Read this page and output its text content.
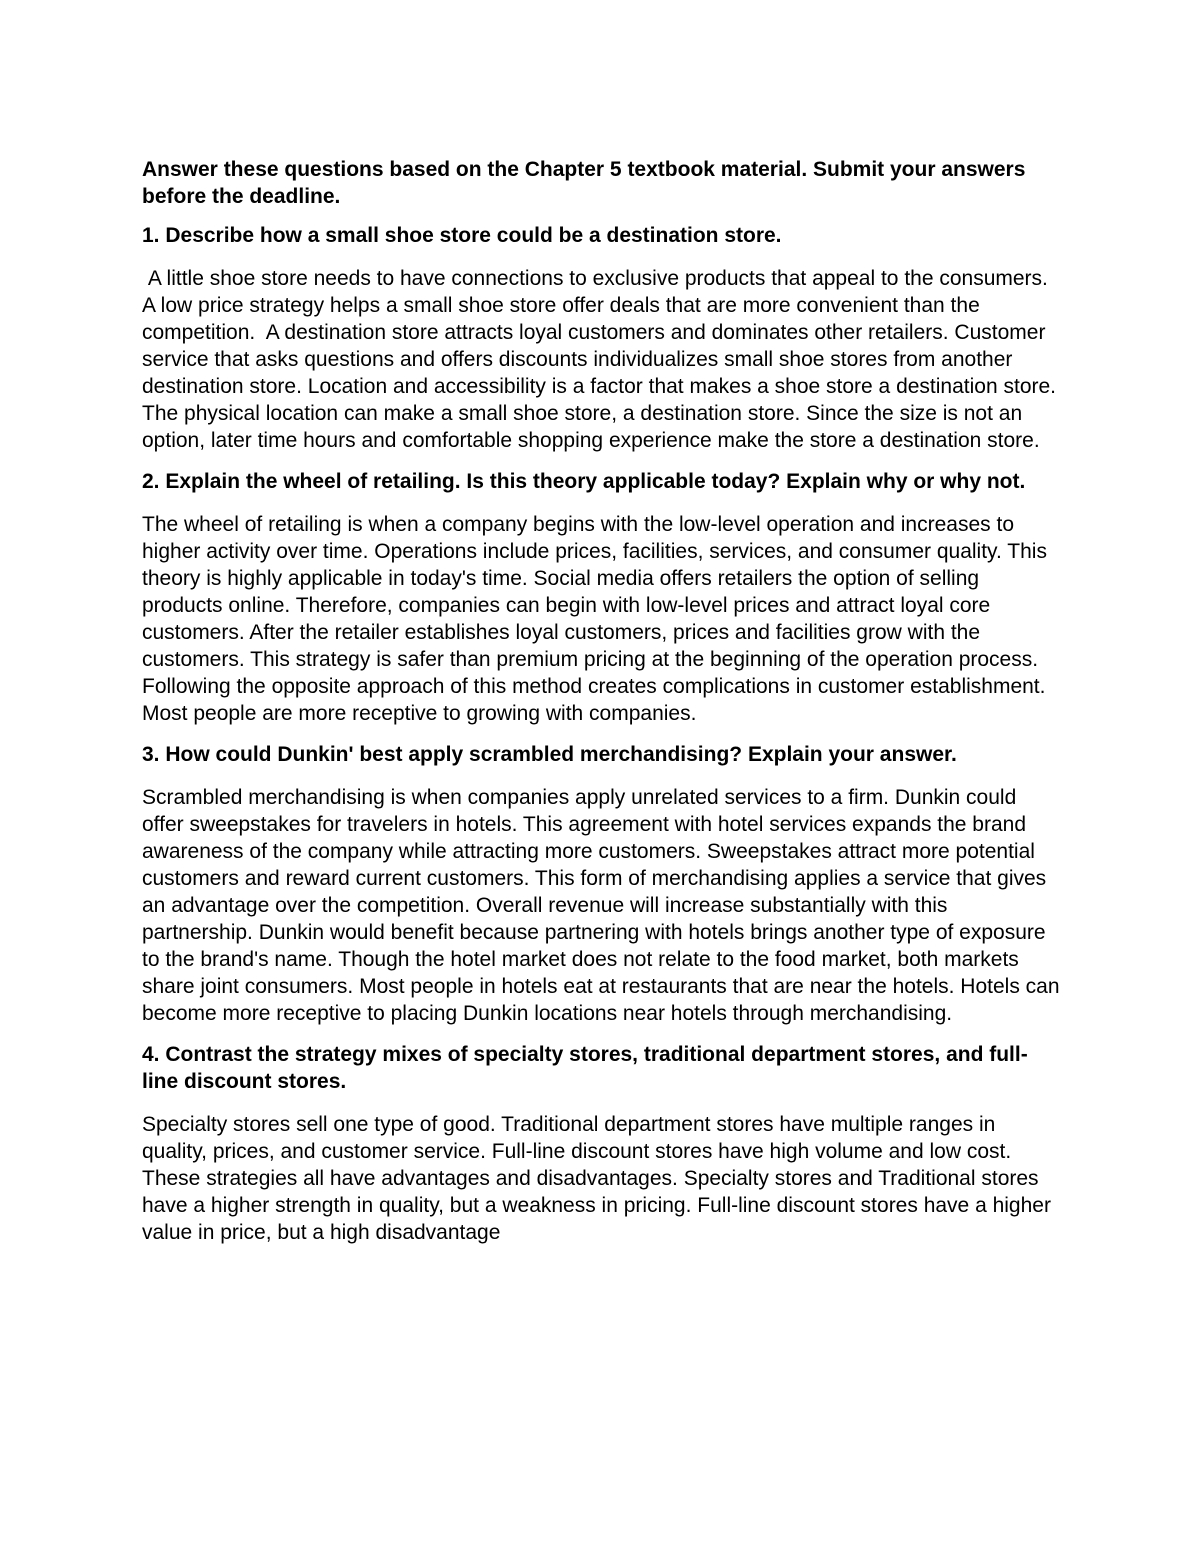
Answer these questions based on the Chapter 5 textbook material. Submit your answers before the deadline.

1. Describe how a small shoe store could be a destination store.

A little shoe store needs to have connections to exclusive products that appeal to the consumers. A low price strategy helps a small shoe store offer deals that are more convenient than the competition.  A destination store attracts loyal customers and dominates other retailers. Customer service that asks questions and offers discounts individualizes small shoe stores from another destination store. Location and accessibility is a factor that makes a shoe store a destination store. The physical location can make a small shoe store, a destination store. Since the size is not an option, later time hours and comfortable shopping experience make the store a destination store.

2. Explain the wheel of retailing. Is this theory applicable today? Explain why or why not.

The wheel of retailing is when a company begins with the low-level operation and increases to higher activity over time. Operations include prices, facilities, services, and consumer quality. This theory is highly applicable in today's time. Social media offers retailers the option of selling products online. Therefore, companies can begin with low-level prices and attract loyal core customers. After the retailer establishes loyal customers, prices and facilities grow with the customers. This strategy is safer than premium pricing at the beginning of the operation process. Following the opposite approach of this method creates complications in customer establishment. Most people are more receptive to growing with companies.

3. How could Dunkin' best apply scrambled merchandising? Explain your answer.

Scrambled merchandising is when companies apply unrelated services to a firm. Dunkin could offer sweepstakes for travelers in hotels. This agreement with hotel services expands the brand awareness of the company while attracting more customers. Sweepstakes attract more potential customers and reward current customers. This form of merchandising applies a service that gives an advantage over the competition. Overall revenue will increase substantially with this partnership. Dunkin would benefit because partnering with hotels brings another type of exposure to the brand's name. Though the hotel market does not relate to the food market, both markets share joint consumers. Most people in hotels eat at restaurants that are near the hotels. Hotels can become more receptive to placing Dunkin locations near hotels through merchandising.

4. Contrast the strategy mixes of specialty stores, traditional department stores, and full-line discount stores.

Specialty stores sell one type of good. Traditional department stores have multiple ranges in quality, prices, and customer service. Full-line discount stores have high volume and low cost. These strategies all have advantages and disadvantages. Specialty stores and Traditional stores have a higher strength in quality, but a weakness in pricing. Full-line discount stores have a higher value in price, but a high disadvantage
